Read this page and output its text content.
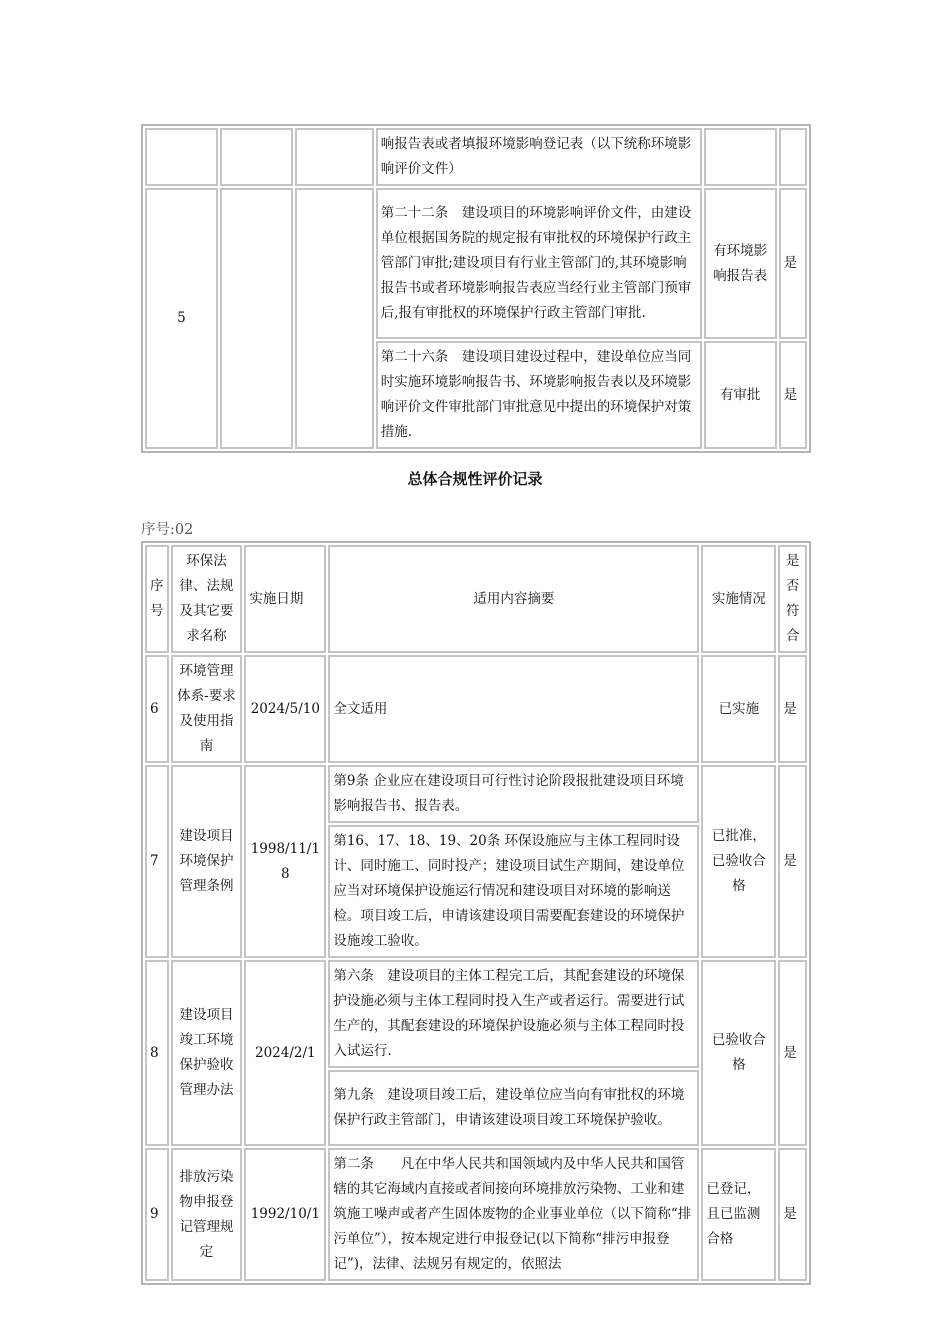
			响报告表或者填报环境影响登记表（以下统称环境影响评价文件）		
5			第二十二条　建设项目的环境影响评价文件，由建设单位根据国务院的规定报有审批权的环境保护行政主管部门审批;建设项目有行业主管部门的,其环境影响报告书或者环境影响报告表应当经行业主管部门预审后,报有审批权的环境保护行政主管部门审批.	有环境影响报告表	是
			第二十六条　建设项目建设过程中，建设单位应当同时实施环境影响报告书、环境影响报告表以及环境影响评价文件审批部门审批意见中提出的环境保护对策措施.	有审批	是
总体合规性评价记录
序号:02
序号	环保法律、法规及其它要求名称	实施日期	适用内容摘要	实施情况	是否符合
6	环境管理体系-要求及使用指南	2024/5/10	全文适用	已实施	是
7	建设项目环境保护管理条例	1998/11/18	第9条 企业应在建设项目可行性讨论阶段报批建设项目环境影响报告书、报告表。	已批准，已验收合格	是
			第16、17、18、19、20条 环保设施应与主体工程同时设计、同时施工、同时投产；建设项目试生产期间，建设单位应当对环境保护设施运行情况和建设项目对环境的影响送检。项目竣工后，申请该建设项目需要配套建设的环境保护设施竣工验收。		
8	建设项目竣工环境保护验收管理办法	2024/2/1	第六条　建设项目的主体工程完工后，其配套建设的环境保护设施必须与主体工程同时投入生产或者运行。需要进行试生产的，其配套建设的环境保护设施必须与主体工程同时投入试运行.	已验收合格	是
			第九条　建设项目竣工后，建设单位应当向有审批权的环境保护行政主管部门，申请该建设项目竣工环境保护验收。		
9	排放污染物申报登记管理规定	1992/10/1	第二条　　凡在中华人民共和国领域内及中华人民共和国管辖的其它海域内直接或者间接向环境排放污染物、工业和建筑施工噪声或者产生固体废物的企业事业单位（以下简称“排污单位”），按本规定进行申报登记(以下简称“排污申报登记”)，法律、法规另有规定的，依照法	已登记，且已监测合格	是
